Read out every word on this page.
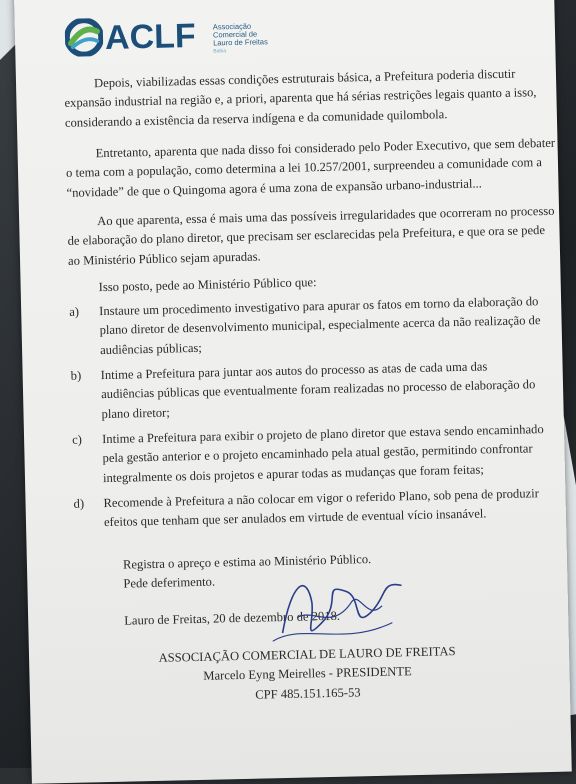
ACLF Associação
Comercial de
Lauro de Freitas
Bahia
Depois, viabilizadas essas condições estruturais básica, a Prefeitura poderia discutir
expansão industrial na região e, a priori, aparenta que há sérias restrições legais quanto a isso,
considerando a existência da reserva indígena e da comunidade quilombola.
Entretanto, aparenta que nada disso foi considerado pelo Poder Executivo, que sem debater
o tema com a população, como determina a lei 10.257/2001, surpreendeu a comunidade com a
“novidade” de que o Quingoma agora é uma zona de expansão urbano-industrial...
Ao que aparenta, essa é mais uma das possíveis irregularidades que ocorreram no processo
de elaboração do plano diretor, que precisam ser esclarecidas pela Prefeitura, e que ora se pede
ao Ministério Público sejam apuradas.
Isso posto, pede ao Ministério Público que:
a) Instaure um procedimento investigativo para apurar os fatos em torno da elaboração do
plano diretor de desenvolvimento municipal, especialmente acerca da não realização de
audiências públicas;
b) Intime a Prefeitura para juntar aos autos do processo as atas de cada uma das
audiências públicas que eventualmente foram realizadas no processo de elaboração do
plano diretor;
c) Intime a Prefeitura para exibir o projeto de plano diretor que estava sendo encaminhado
pela gestão anterior e o projeto encaminhado pela atual gestão, permitindo confrontar
integralmente os dois projetos e apurar todas as mudanças que foram feitas;
d) Recomende à Prefeitura a não colocar em vigor o referido Plano, sob pena de produzir
efeitos que tenham que ser anulados em virtude de eventual vício insanável.
Registra o apreço e estima ao Ministério Público.
Pede deferimento.
Lauro de Freitas, 20 de dezembro de 2018.
ASSOCIAÇÃO COMERCIAL DE LAURO DE FREITAS
Marcelo Eyng Meirelles - PRESIDENTE
CPF 485.151.165-53
